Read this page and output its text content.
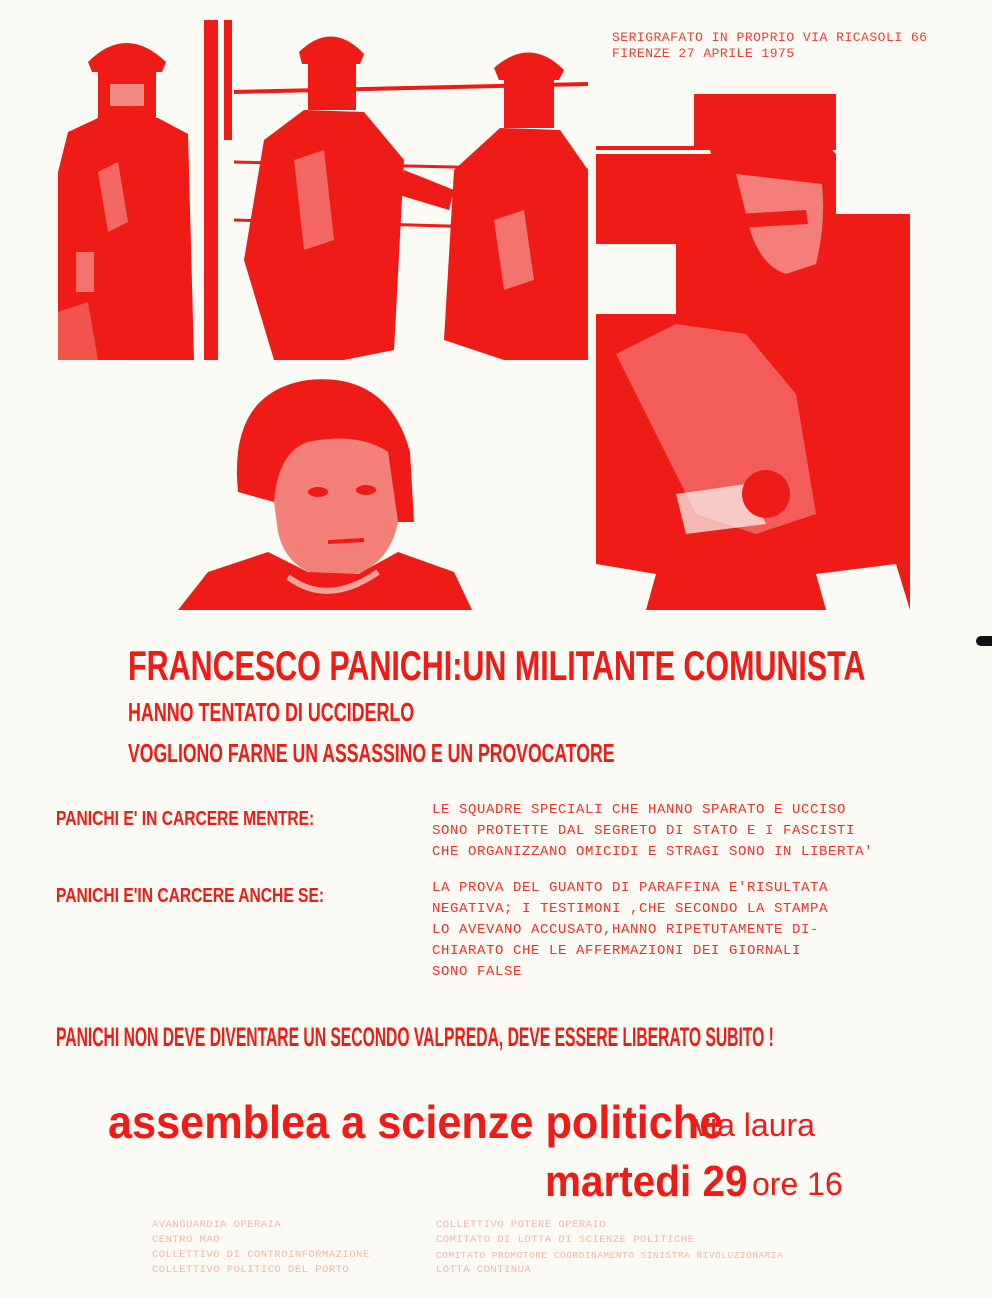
SERIGRAFATO IN PROPRIO VIA RICASOLI 66
FIRENZE 27 APRILE 1975
FRANCESCO PANICHI:UN MILITANTE COMUNISTA
HANNO TENTATO DI UCCIDERLO
VOGLIONO FARNE UN ASSASSINO E UN PROVOCATORE
PANICHI E' IN CARCERE MENTRE:	LE SQUADRE SPECIALI CHE HANNO SPARATO E UCCISO
SONO PROTETTE DAL SEGRETO DI STATO E I FASCISTI
CHE ORGANIZZANO OMICIDI E STRAGI SONO IN LIBERTA'
PANICHI E'IN CARCERE ANCHE SE:	LA PROVA DEL GUANTO DI PARAFFINA E'RISULTATA
NEGATIVA; I TESTIMONI ,CHE SECONDO LA STAMPA
LO AVEVANO ACCUSATO,HANNO RIPETUTAMENTE DI-
CHIARATO CHE LE AFFERMAZIONI DEI GIORNALI
SONO FALSE
PANICHI NON DEVE DIVENTARE UN SECONDO VALPREDA, DEVE ESSERE LIBERATO SUBITO !
assemblea a scienze politiche
via laura
martedi 29 ore 16
AVANGUARDIA OPERAIA
CENTRO MAO
COLLETTIVO DI CONTROINFORMAZIONE
COLLETTIVO POLITICO DEL PORTO
COLLETTIVO POTERE OPERAIO
COMITATO DI LOTTA DI SCIENZE POLITICHE
COMITATO PROMOTORE COORDINAMENTO SINISTRA RIVOLUZIONARIA
LOTTA CONTINUA
